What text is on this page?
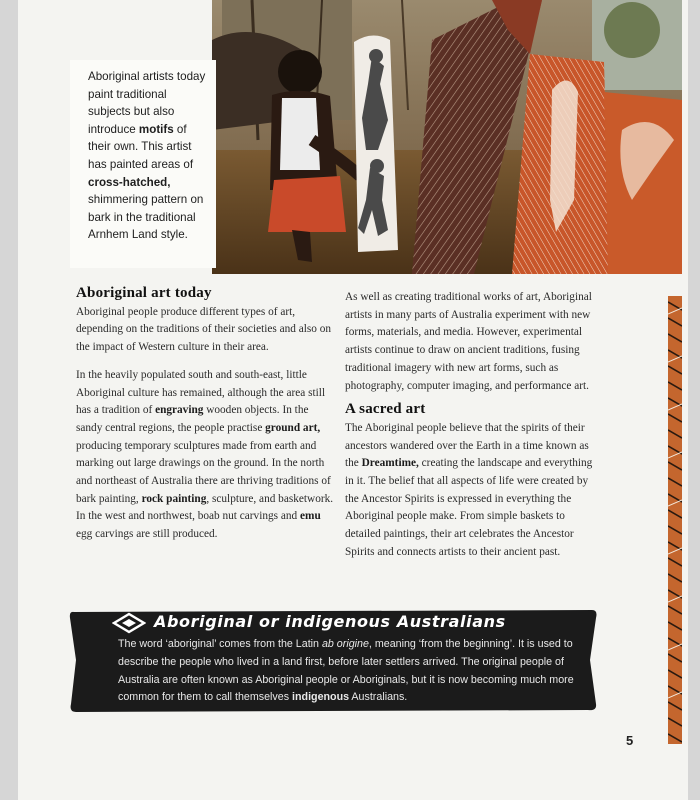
Aboriginal artists today paint traditional subjects but also introduce motifs of their own. This artist has painted areas of cross-hatched, shimmering pattern on bark in the traditional Arnhem Land style.
Aboriginal art today

Aboriginal people produce different types of art, depending on the traditions of their societies and also on the impact of Western culture in their area.

In the heavily populated south and south-east, little Aboriginal culture has remained, although the area still has a tradition of engraving wooden objects. In the sandy central regions, the people practise ground art, producing temporary sculptures made from earth and marking out large drawings on the ground. In the north and northeast of Australia there are thriving traditions of bark painting, rock painting, sculpture, and basketwork. In the west and northwest, boab nut carvings and emu egg carvings are still produced.

As well as creating traditional works of art, Aboriginal artists in many parts of Australia experiment with new forms, materials, and media. However, experimental artists continue to draw on ancient traditions, fusing traditional imagery with new art forms, such as photography, computer imaging, and performance art.

A sacred art

The Aboriginal people believe that the spirits of their ancestors wandered over the Earth in a time known as the Dreamtime, creating the landscape and everything in it. The belief that all aspects of life were created by the Ancestor Spirits is expressed in everything the Aboriginal people make. From simple baskets to detailed paintings, their art celebrates the Ancestor Spirits and connects artists to their ancient past.

Aboriginal or indigenous Australians
The word ‘aboriginal’ comes from the Latin ab origine, meaning ‘from the beginning’. It is used to describe the people who lived in a land first, before later settlers arrived. The original people of Australia are often known as Aboriginal people or Aboriginals, but it is now becoming much more common for them to call themselves indigenous Australians.
5
